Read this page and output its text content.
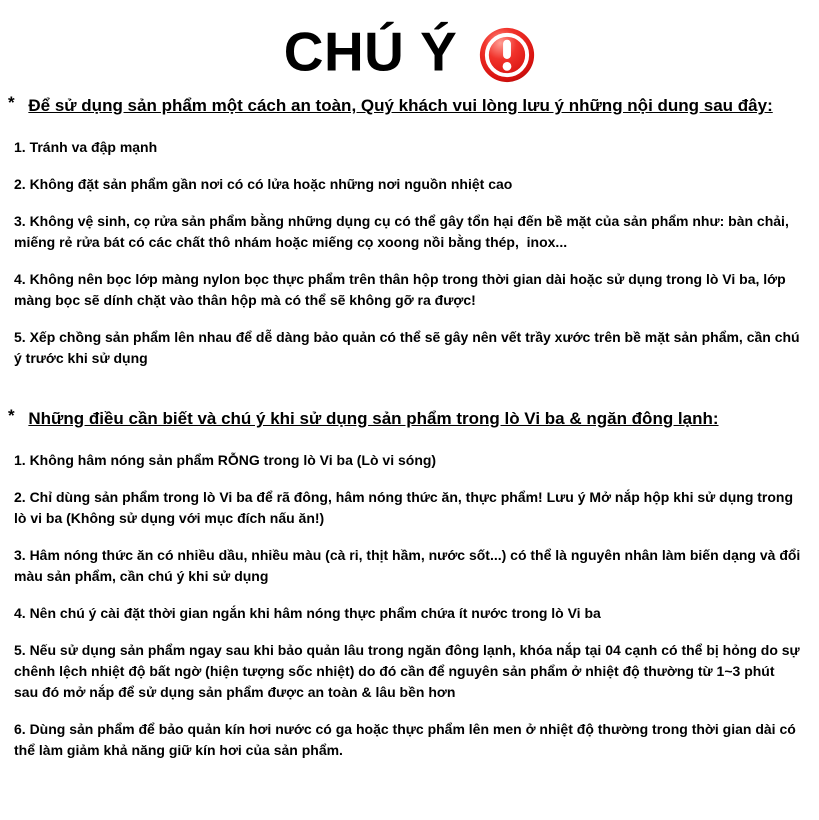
CHÚ Ý
* Để sử dụng sản phẩm một cách an toàn, Quý khách vui lòng lưu ý những nội dung sau đây:

1. Tránh va đập mạnh

2. Không đặt sản phẩm gần nơi có có lửa hoặc những nơi nguồn nhiệt cao

3. Không vệ sinh, cọ rửa sản phẩm bằng những dụng cụ có thể gây tổn hại đến bề mặt của sản phẩm như: bàn chải, miếng rẻ rửa bát có các chất thô nhám hoặc miếng cọ xoong nồi bằng thép,  inox...

4. Không nên bọc lớp màng nylon bọc thực phẩm trên thân hộp trong thời gian dài hoặc sử dụng trong lò Vi ba, lớp màng bọc sẽ dính chặt vào thân hộp mà có thể sẽ không gỡ ra được!

5. Xếp chồng sản phẩm lên nhau để dễ dàng bảo quản có thể sẽ gây nên vết trầy xước trên bề mặt sản phẩm, cần chú ý trước khi sử dụng

* Những điều cần biết và chú ý khi sử dụng sản phẩm trong lò Vi ba & ngăn đông lạnh:

1. Không hâm nóng sản phẩm RỖNG trong lò Vi ba (Lò vi sóng)

2. Chỉ dùng sản phẩm trong lò Vi ba để rã đông, hâm nóng thức ăn, thực phẩm! Lưu ý Mở nắp hộp khi sử dụng trong lò vi ba (Không sử dụng với mục đích nấu ăn!)

3. Hâm nóng thức ăn có nhiều dầu, nhiều màu (cà ri, thịt hầm, nước sốt...) có thể là nguyên nhân làm biến dạng và đổi màu sản phẩm, cần chú ý khi sử dụng

4. Nên chú ý cài đặt thời gian ngắn khi hâm nóng thực phẩm chứa ít nước trong lò Vi ba

5. Nếu sử dụng sản phẩm ngay sau khi bảo quản lâu trong ngăn đông lạnh, khóa nắp tại 04 cạnh có thể bị hỏng do sự chênh lệch nhiệt độ bất ngờ (hiện tượng sốc nhiệt) do đó cần để nguyên sản phẩm ở nhiệt độ thường từ 1~3 phút sau đó mở nắp để sử dụng sản phẩm được an toàn & lâu bền hơn

6. Dùng sản phẩm để bảo quản kín hơi nước có ga hoặc thực phẩm lên men ở nhiệt độ thường trong thời gian dài có thể làm giảm khả năng giữ kín hơi của sản phẩm.
